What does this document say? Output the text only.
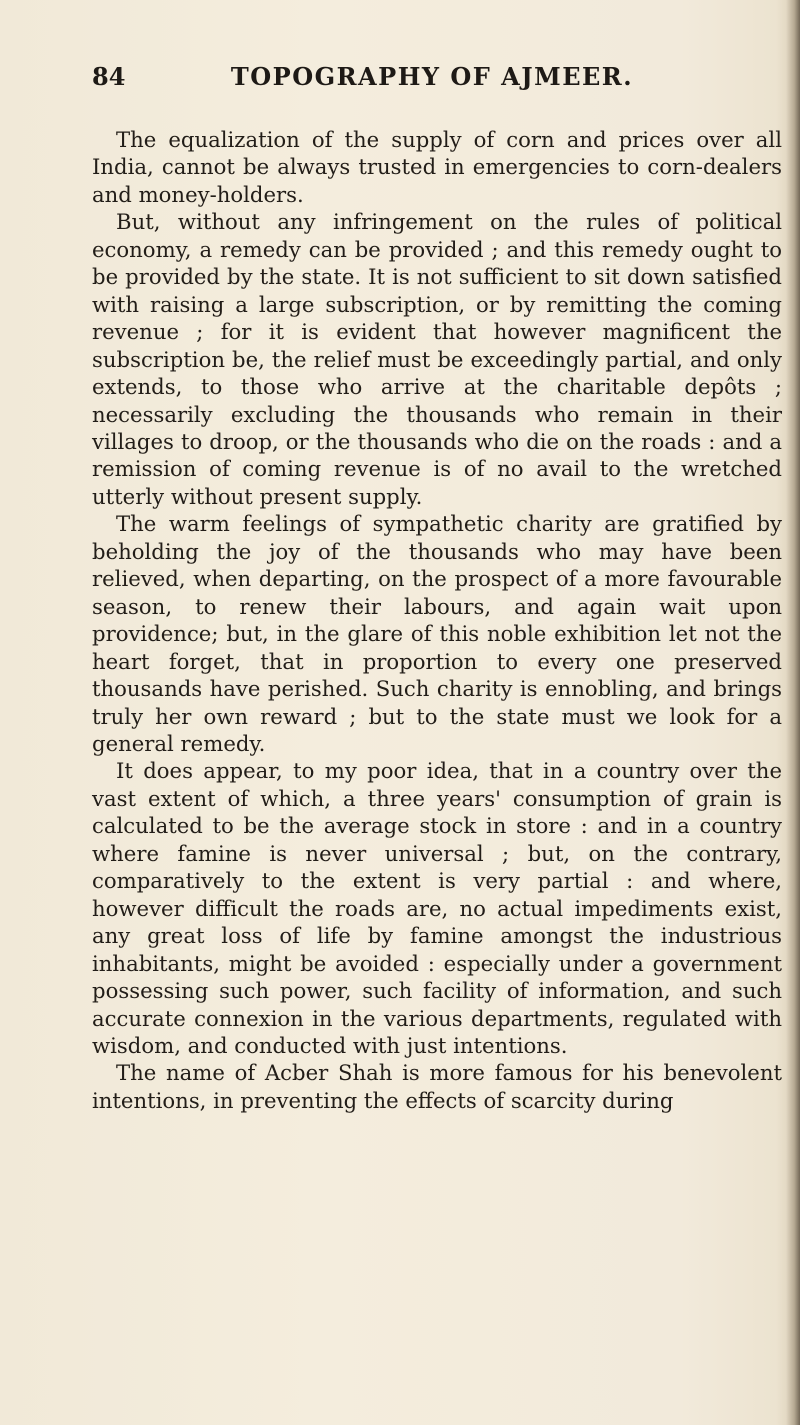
84	TOPOGRAPHY OF AJMEER.

The equalization of the supply of corn and prices over all India, cannot be always trusted in emergencies to corn-dealers and money-holders.

But, without any infringement on the rules of political economy, a remedy can be provided ; and this remedy ought to be provided by the state. It is not sufficient to sit down satisfied with raising a large subscription, or by remitting the coming revenue ; for it is evident that however magnificent the subscription be, the relief must be exceedingly partial, and only extends, to those who arrive at the charitable depôts ; necessarily excluding the thousands who remain in their villages to droop, or the thousands who die on the roads : and a remission of coming revenue is of no avail to the wretched utterly without present supply.

The warm feelings of sympathetic charity are gratified by beholding the joy of the thousands who may have been relieved, when departing, on the prospect of a more favourable season, to renew their labours, and again wait upon providence; but, in the glare of this noble exhibition let not the heart forget, that in proportion to every one preserved thousands have perished. Such charity is ennobling, and brings truly her own reward ; but to the state must we look for a general remedy.

It does appear, to my poor idea, that in a country over the vast extent of which, a three years' consumption of grain is calculated to be the average stock in store : and in a country where famine is never universal ; but, on the contrary, comparatively to the extent is very partial : and where, however difficult the roads are, no actual impediments exist, any great loss of life by famine amongst the industrious inhabitants, might be avoided : especially under a government possessing such power, such facility of information, and such accurate connexion in the various departments, regulated with wisdom, and conducted with just intentions.

The name of Acber Shah is more famous for his benevolent intentions, in preventing the effects of scarcity during
